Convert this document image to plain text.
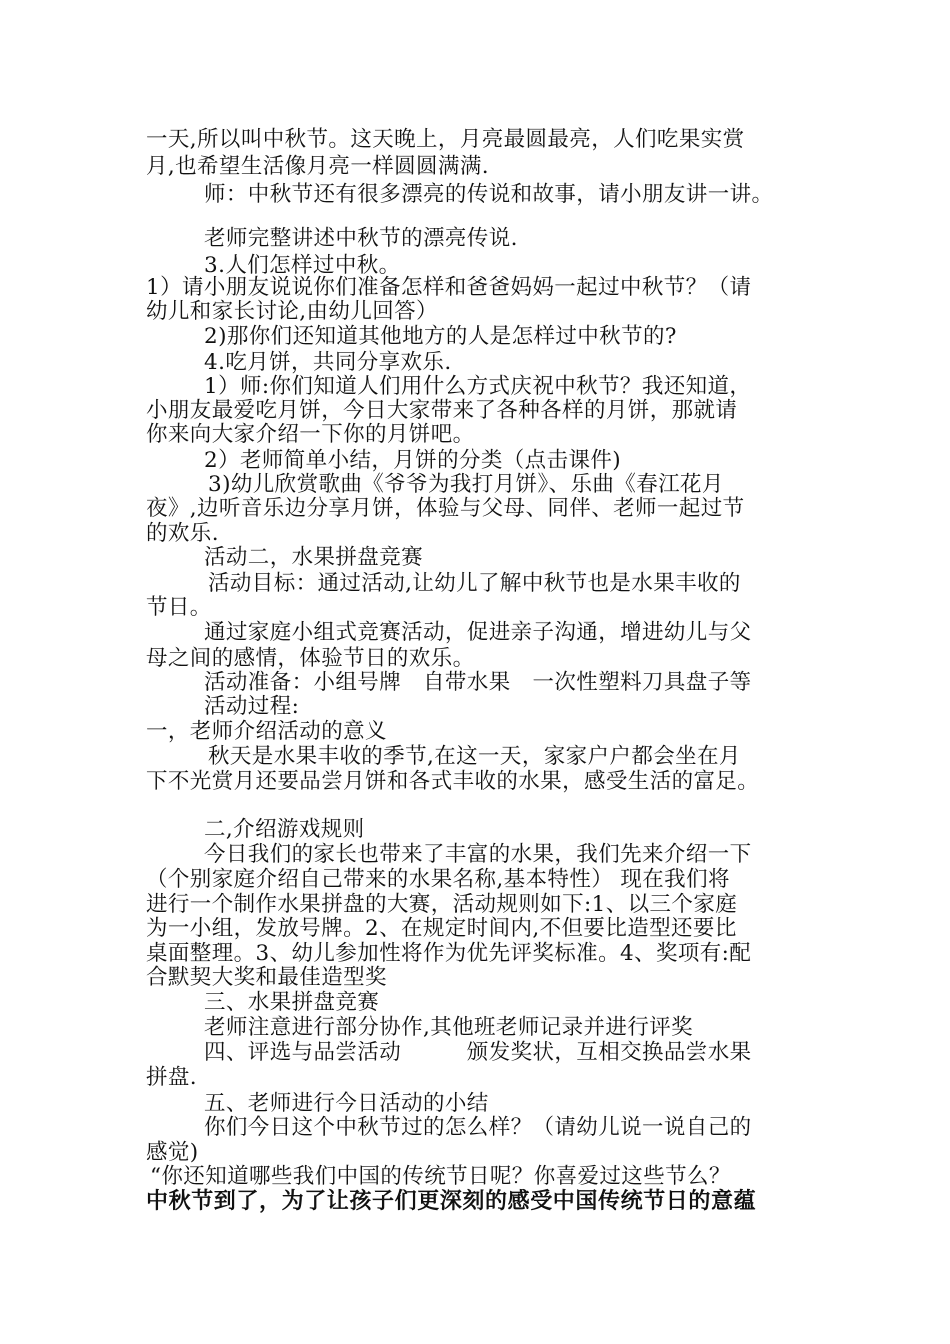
一天,所以叫中秋节。这天晚上，月亮最圆最亮，人们吃果实赏
月,也希望生活像月亮一样圆圆满满.
师：中秋节还有很多漂亮的传说和故事，请小朋友讲一讲。
老师完整讲述中秋节的漂亮传说.
3.人们怎样过中秋。
1）请小朋友说说你们准备怎样和爸爸妈妈一起过中秋节？（请
幼儿和家长讨论,由幼儿回答）
2)那你们还知道其他地方的人是怎样过中秋节的?
4.吃月饼，共同分享欢乐.
1）师:你们知道人们用什么方式庆祝中秋节？我还知道，
小朋友最爱吃月饼，今日大家带来了各种各样的月饼，那就请
你来向大家介绍一下你的月饼吧。
2）老师简单小结，月饼的分类（点击课件)
3)幼儿欣赏歌曲《爷爷为我打月饼》、乐曲《春江花月
夜》,边听音乐边分享月饼，体验与父母、同伴、老师一起过节
的欢乐.
活动二，水果拼盘竞赛
活动目标：通过活动,让幼儿了解中秋节也是水果丰收的
节日。
通过家庭小组式竞赛活动，促进亲子沟通，增进幼儿与父
母之间的感情，体验节日的欢乐。
活动准备：小组号牌　自带水果　一次性塑料刀具盘子等
活动过程:
一，老师介绍活动的意义
秋天是水果丰收的季节,在这一天，家家户户都会坐在月
下不光赏月还要品尝月饼和各式丰收的水果，感受生活的富足。
二,介绍游戏规则
今日我们的家长也带来了丰富的水果，我们先来介绍一下
（个别家庭介绍自己带来的水果名称,基本特性） 现在我们将
进行一个制作水果拼盘的大赛，活动规则如下:1、以三个家庭
为一小组，发放号牌。2、在规定时间内,不但要比造型还要比
桌面整理。3、幼儿参加性将作为优先评奖标准。4、奖项有:配
合默契大奖和最佳造型奖
三、水果拼盘竞赛
老师注意进行部分协作,其他班老师记录并进行评奖
四、评选与品尝活动　　　颁发奖状，互相交换品尝水果
拼盘.
五、老师进行今日活动的小结
你们今日这个中秋节过的怎么样？（请幼儿说一说自己的
感觉)
“你还知道哪些我们中国的传统节日呢？你喜爱过这些节么？
中秋节到了，为了让孩子们更深刻的感受中国传统节日的意蕴
